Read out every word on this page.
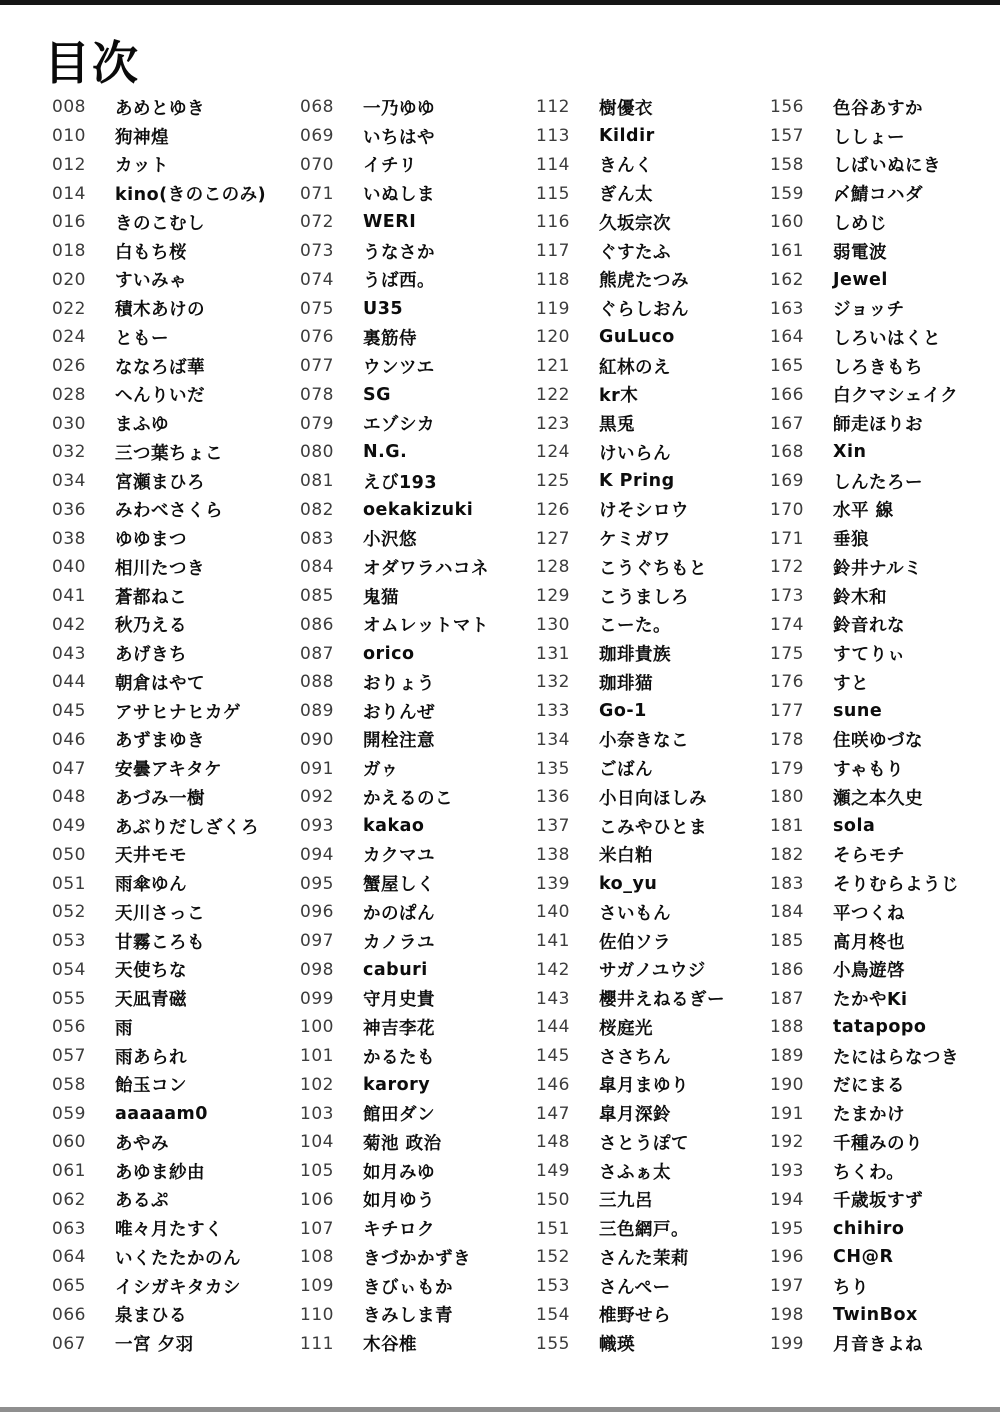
目次
008	あめとゆき
010	狗神煌
012	カット
014	kino(きのこのみ)
016	きのこむし
018	白もち桜
020	すいみゃ
022	積木あけの
024	ともー
026	ななろば華
028	へんりいだ
030	まふゆ
032	三つ葉ちょこ
034	宮瀬まひろ
036	みわべさくら
038	ゆゆまつ
040	相川たつき
041	蒼都ねこ
042	秋乃える
043	あげきち
044	朝倉はやて
045	アサヒナヒカゲ
046	あずまゆき
047	安曇アキタケ
048	あづみ一樹
049	あぶりだしざくろ
050	天井モモ
051	雨傘ゆん
052	天川さっこ
053	甘霧ころも
054	天使ちな
055	天凪青磁
056	雨
057	雨あられ
058	飴玉コン
059	aaaaam0
060	あやみ
061	あゆま紗由
062	あるぷ
063	唯々月たすく
064	いくたたかのん
065	イシガキタカシ
066	泉まひる
067	一宮 夕羽
068	一乃ゆゆ
069	いちはや
070	イチリ
071	いぬしま
072	WERI
073	うなさか
074	うば西。
075	U35
076	裏筋侍
077	ウンツエ
078	SG
079	エゾシカ
080	N.G.
081	えび193
082	oekakizuki
083	小沢悠
084	オダワラハコネ
085	鬼猫
086	オムレットマト
087	orico
088	おりょう
089	おりんぜ
090	開栓注意
091	ガゥ
092	かえるのこ
093	kakao
094	カクマユ
095	蟹屋しく
096	かのぱん
097	カノラユ
098	caburi
099	守月史貴
100	神吉李花
101	かるたも
102	karory
103	館田ダン
104	菊池 政治
105	如月みゆ
106	如月ゆう
107	キチロク
108	きづかかずき
109	きびぃもか
110	きみしま青
111	木谷椎
112	樹優衣
113	Kildir
114	きんく
115	ぎん太
116	久坂宗次
117	ぐすたふ
118	熊虎たつみ
119	ぐらしおん
120	GuLuco
121	紅林のえ
122	kr木
123	黒兎
124	けいらん
125	K Pring
126	けそシロウ
127	ケミガワ
128	こうぐちもと
129	こうましろ
130	こーた。
131	珈琲貴族
132	珈琲猫
133	Go-1
134	小奈きなこ
135	ごばん
136	小日向ほしみ
137	こみやひとま
138	米白粕
139	ko_yu
140	さいもん
141	佐伯ソラ
142	サガノユウジ
143	櫻井えねるぎー
144	桜庭光
145	ささちん
146	皐月まゆり
147	皐月深鈴
148	さとうぽて
149	さふぁ太
150	三九呂
151	三色網戸。
152	さんた茉莉
153	さんぺー
154	椎野せら
155	幟瑛
156	色谷あすか
157	ししょー
158	しばいぬにき
159	〆鯖コハダ
160	しめじ
161	弱電波
162	Jewel
163	ジョッチ
164	しろいはくと
165	しろきもち
166	白クマシェイク
167	師走ほりお
168	Xin
169	しんたろー
170	水平 線
171	垂狼
172	鈴井ナルミ
173	鈴木和
174	鈴音れな
175	すてりぃ
176	すと
177	sune
178	住咲ゆづな
179	すゃもり
180	瀬之本久史
181	sola
182	そらモチ
183	そりむらようじ
184	平つくね
185	髙月柊也
186	小鳥遊啓
187	たかやKi
188	tatapopo
189	たにはらなつき
190	だにまる
191	たまかけ
192	千種みのり
193	ちくわ。
194	千歳坂すず
195	chihiro
196	CH@R
197	ちり
198	TwinBox
199	月音きよね
